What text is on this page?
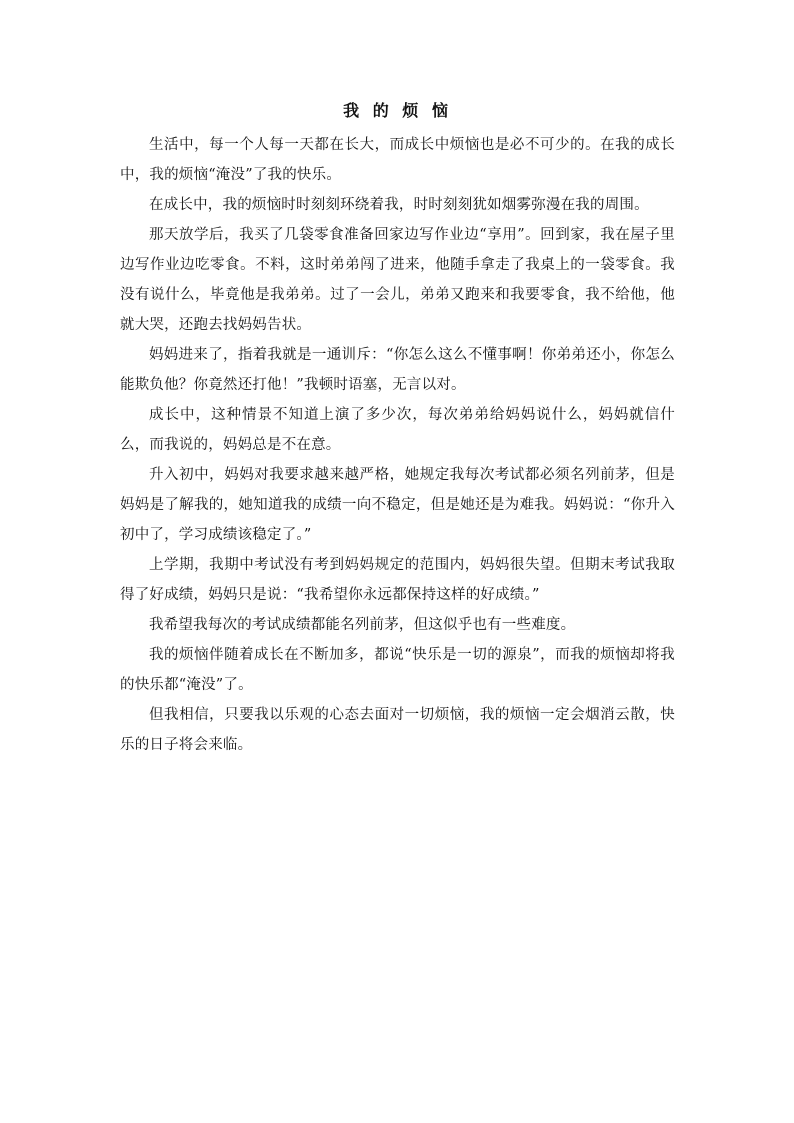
我 的 烦 恼

生活中，每一个人每一天都在长大，而成长中烦恼也是必不可少的。在我的成长中，我的烦恼“淹没”了我的快乐。

在成长中，我的烦恼时时刻刻环绕着我，时时刻刻犹如烟雾弥漫在我的周围。

那天放学后，我买了几袋零食准备回家边写作业边“享用”。回到家，我在屋子里边写作业边吃零食。不料，这时弟弟闯了进来，他随手拿走了我桌上的一袋零食。我没有说什么，毕竟他是我弟弟。过了一会儿，弟弟又跑来和我要零食，我不给他，他就大哭，还跑去找妈妈告状。

妈妈进来了，指着我就是一通训斥：“你怎么这么不懂事啊！你弟弟还小，你怎么能欺负他？你竟然还打他！”我顿时语塞，无言以对。

成长中，这种情景不知道上演了多少次，每次弟弟给妈妈说什么，妈妈就信什么，而我说的，妈妈总是不在意。

升入初中，妈妈对我要求越来越严格，她规定我每次考试都必须名列前茅，但是妈妈是了解我的，她知道我的成绩一向不稳定，但是她还是为难我。妈妈说：“你升入初中了，学习成绩该稳定了。”

上学期，我期中考试没有考到妈妈规定的范围内，妈妈很失望。但期末考试我取得了好成绩，妈妈只是说：“我希望你永远都保持这样的好成绩。”

我希望我每次的考试成绩都能名列前茅，但这似乎也有一些难度。

我的烦恼伴随着成长在不断加多，都说“快乐是一切的源泉”，而我的烦恼却将我的快乐都“淹没”了。

但我相信，只要我以乐观的心态去面对一切烦恼，我的烦恼一定会烟消云散，快乐的日子将会来临。
